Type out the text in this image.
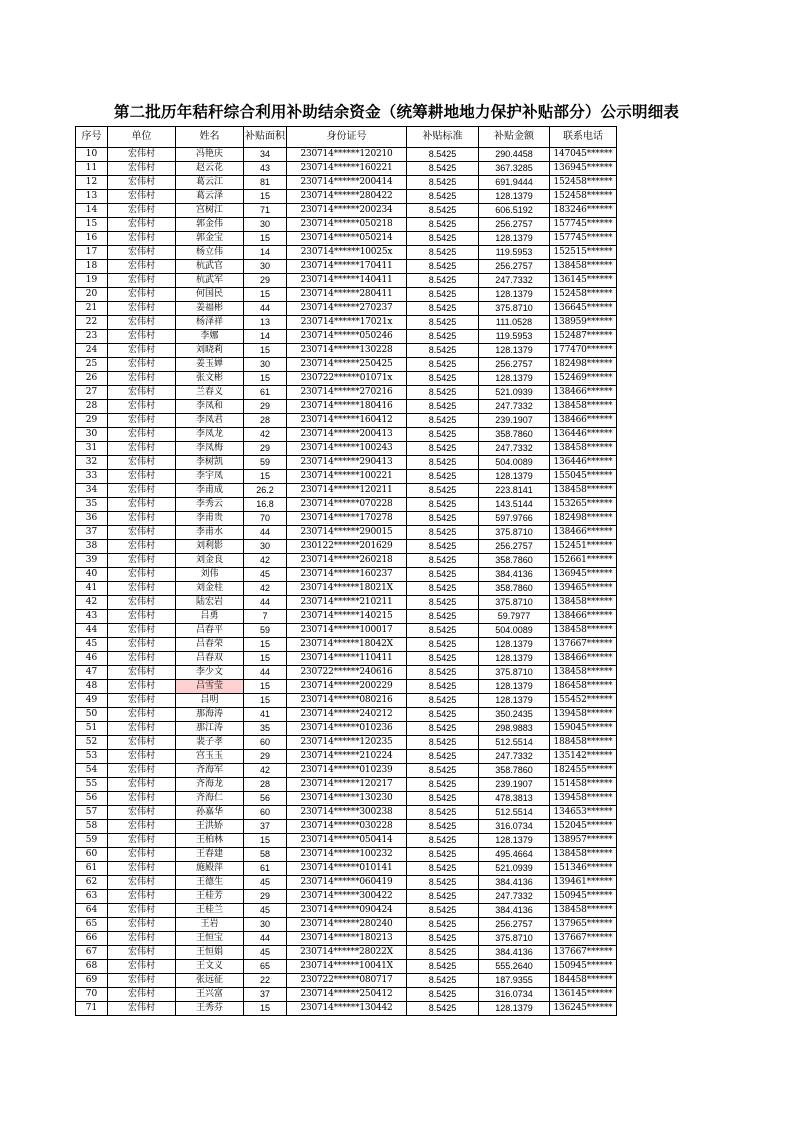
第二批历年秸秆综合利用补助结余资金（统筹耕地地力保护补贴部分）公示明细表
序号	单位	姓名	补贴面积	身份证号	补贴标准	补贴金额	联系电话
10	宏伟村	冯艳庆	34	230714******120210	8.5425	290.4458	147045******
11	宏伟村	赵云花	43	230714******160221	8.5425	367.3285	136945******
12	宏伟村	葛云江	81	230714******200414	8.5425	691.9444	152458******
13	宏伟村	葛云泽	15	230714******280422	8.5425	128.1379	152458******
14	宏伟村	宫树江	71	230714******200234	8.5425	606.5192	183246******
15	宏伟村	郭金伟	30	230714******050218	8.5425	256.2757	157745******
16	宏伟村	郭金宝	15	230714******050214	8.5425	128.1379	157745******
17	宏伟村	杨立伟	14	230714******10025x	8.5425	119.5953	152515******
18	宏伟村	杭武官	30	230714******170411	8.5425	256.2757	138458******
19	宏伟村	杭武军	29	230714******140411	8.5425	247.7332	136145******
20	宏伟村	何国民	15	230714******280411	8.5425	128.1379	152458******
21	宏伟村	姜福彬	44	230714******270237	8.5425	375.8710	136645******
22	宏伟村	杨泽祥	13	230714******17021x	8.5425	111.0528	138959******
23	宏伟村	李娜	14	230714******050246	8.5425	119.5953	152487******
24	宏伟村	刘晓莉	15	230714******130228	8.5425	128.1379	177470******
25	宏伟村	姜玉婵	30	230714******250425	8.5425	256.2757	182498******
26	宏伟村	张文彬	15	230722******01071x	8.5425	128.1379	152469******
27	宏伟村	兰春义	61	230714******270216	8.5425	521.0939	138466******
28	宏伟村	李凤和	29	230714******180416	8.5425	247.7332	138458******
29	宏伟村	李凤君	28	230714******160412	8.5425	239.1907	138466******
30	宏伟村	李凤龙	42	230714******200413	8.5425	358.7860	136446******
31	宏伟村	李凤梅	29	230714******100243	8.5425	247.7332	138458******
32	宏伟村	李树凯	59	230714******290413	8.5425	504.0089	136446******
33	宏伟村	李宇凤	15	230714******100221	8.5425	128.1379	155045******
34	宏伟村	李甫成	26.2	230714******120211	8.5425	223.8141	138458******
35	宏伟村	李秀云	16.8	230714******070228	8.5425	143.5144	153265******
36	宏伟村	李甫贵	70	230714******170278	8.5425	597.9766	182498******
37	宏伟村	李甫水	44	230714******290015	8.5425	375.8710	138466******
38	宏伟村	刘利影	30	230122******201629	8.5425	256.2757	152451******
39	宏伟村	刘金良	42	230714******260218	8.5425	358.7860	152661******
40	宏伟村	刘伟	45	230714******160237	8.5425	384.4136	136945******
41	宏伟村	刘金柱	42	230714******18021X	8.5425	358.7860	139465******
42	宏伟村	陆宏岩	44	230714******210211	8.5425	375.8710	138458******
43	宏伟村	吕勇	7	230714******140215	8.5425	59.7977	138466******
44	宏伟村	吕春平	59	230714******100017	8.5425	504.0089	138458******
45	宏伟村	吕春荣	15	230714******18042X	8.5425	128.1379	137667******
46	宏伟村	吕春双	15	230714******110411	8.5425	128.1379	138466******
47	宏伟村	李少文	44	230722******240616	8.5425	375.8710	138458******
48	宏伟村	吕雪莹	15	230714******200229	8.5425	128.1379	186458******
49	宏伟村	吕明	15	230714******080216	8.5425	128.1379	155452******
50	宏伟村	那海涛	41	230714******240212	8.5425	350.2435	139458******
51	宏伟村	那江涛	35	230714******010236	8.5425	298.9883	159045******
52	宏伟村	裴子孝	60	230714******120235	8.5425	512.5514	188458******
53	宏伟村	宫玉玉	29	230714******210224	8.5425	247.7332	135142******
54	宏伟村	齐海军	42	230714******010239	8.5425	358.7860	182455******
55	宏伟村	齐海龙	28	230714******120217	8.5425	239.1907	151458******
56	宏伟村	齐海仁	56	230714******130230	8.5425	478.3813	139458******
57	宏伟村	孙嘉华	60	230714******300238	8.5425	512.5514	134653******
58	宏伟村	王洪娇	37	230714******030228	8.5425	316.0734	152045******
59	宏伟村	王柏林	15	230714******050414	8.5425	128.1379	138957******
60	宏伟村	王春建	58	230714******100232	8.5425	495.4664	138458******
61	宏伟村	施殿萍	61	230714******010141	8.5425	521.0939	151346******
62	宏伟村	王德生	45	230714******060419	8.5425	384.4136	139461******
63	宏伟村	王桂芳	29	230714******300422	8.5425	247.7332	150945******
64	宏伟村	王桂兰	45	230714******090424	8.5425	384.4136	138458******
65	宏伟村	王岩	30	230714******280240	8.5425	256.2757	137965******
66	宏伟村	王恒宝	44	230714******180213	8.5425	375.8710	137667******
67	宏伟村	王恒娟	45	230714******28022X	8.5425	384.4136	137667******
68	宏伟村	王文义	65	230714******10041X	8.5425	555.2640	150945******
69	宏伟村	张远征	22	230722******080717	8.5425	187.9355	184458******
70	宏伟村	王兴富	37	230714******250412	8.5425	316.0734	136145******
71	宏伟村	王秀芬	15	230714******130442	8.5425	128.1379	136245******
